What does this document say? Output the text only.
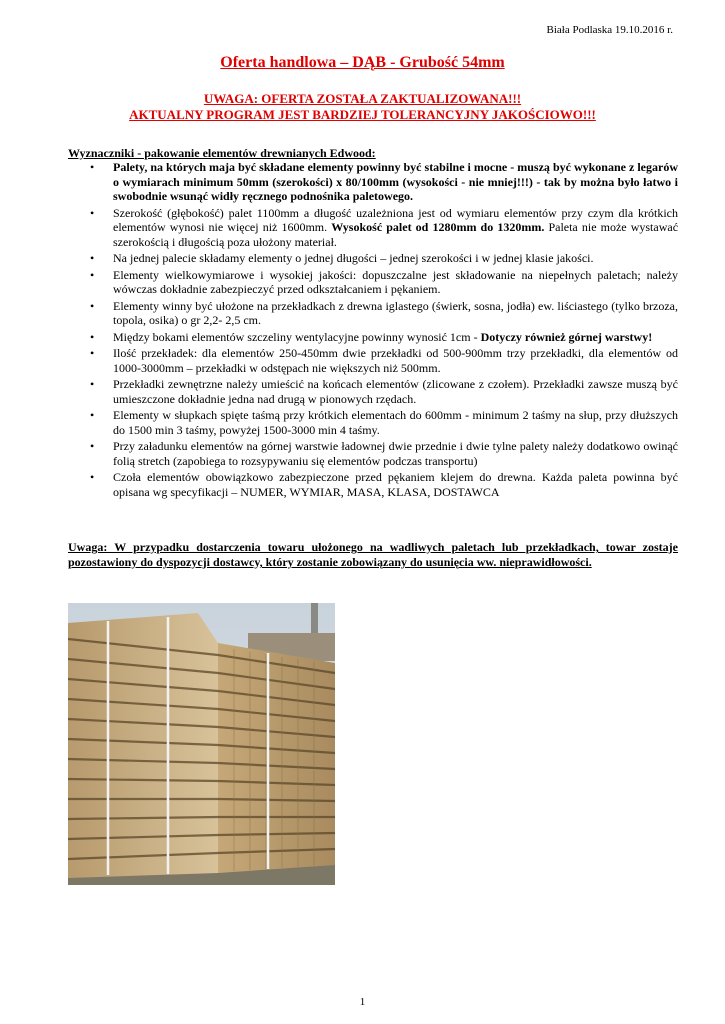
Biała Podlaska 19.10.2016 r.
Oferta handlowa – DĄB - Grubość 54mm
UWAGA: OFERTA ZOSTAŁA ZAKTUALIZOWANA!!!
AKTUALNY PROGRAM JEST BARDZIEJ TOLERANCYJNY JAKOŚCIOWO!!!
Wyznaczniki - pakowanie elementów drewnianych Edwood:
• Palety, na których maja być składane elementy powinny być stabilne i mocne - muszą być wykonane z legarów o wymiarach minimum 50mm (szerokości) x 80/100mm (wysokości - nie mniej!!!) - tak by można było łatwo i swobodnie wsunąć widły ręcznego podnośnika paletowego.
• Szerokość (głębokość) palet 1100mm a długość uzależniona jest od wymiaru elementów przy czym dla krótkich elementów wynosi nie więcej niż 1600mm. Wysokość palet od 1280mm do 1320mm. Paleta nie może wystawać szerokością i długością poza ułożony materiał.
• Na jednej palecie składamy elementy o jednej długości – jednej szerokości i w jednej klasie jakości.
• Elementy wielkowymiarowe i wysokiej jakości: dopuszczalne jest składowanie na niepełnych paletach; należy wówczas dokładnie zabezpieczyć przed odkształcaniem i pękaniem.
• Elementy winny być ułożone na przekładkach z drewna iglastego (świerk, sosna, jodła) ew. liściastego (tylko brzoza, topola, osika) o gr 2,2- 2,5 cm.
• Między bokami elementów szczeliny wentylacyjne powinny wynosić 1cm - Dotyczy również górnej warstwy!
• Ilość przekładek: dla elementów 250-450mm dwie przekładki od 500-900mm trzy przekładki, dla elementów od 1000-3000mm – przekładki w odstępach nie większych niż 500mm.
• Przekładki zewnętrzne należy umieścić na końcach elementów (zlicowane z czołem). Przekładki zawsze muszą być umieszczone dokładnie jedna nad drugą w pionowych rzędach.
• Elementy w słupkach spięte taśmą przy krótkich elementach do 600mm - minimum 2 taśmy na słup, przy dłuższych do 1500 min 3 taśmy, powyżej 1500-3000 min 4 taśmy.
• Przy załadunku elementów na górnej warstwie ładownej dwie przednie i dwie tylne palety należy dodatkowo owinąć folią stretch (zapobiega to rozsypywaniu się elementów podczas transportu)
• Czoła elementów obowiązkowo zabezpieczone przed pękaniem klejem do drewna. Każda paleta powinna być opisana wg specyfikacji – NUMER, WYMIAR, MASA, KLASA, DOSTAWCA
Uwaga: W przypadku dostarczenia towaru ułożonego na wadliwych paletach lub przekładkach, towar zostaje pozostawiony do dyspozycji dostawcy, który zostanie zobowiązany do usunięcia ww. nieprawidłowości.
1
